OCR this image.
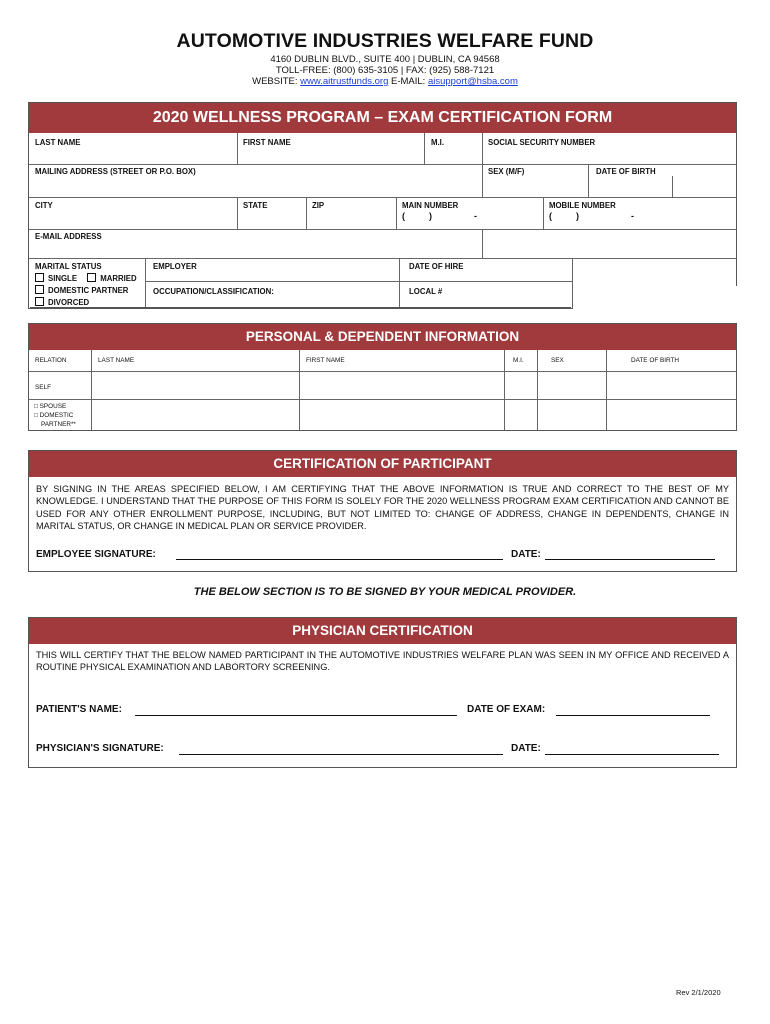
AUTOMOTIVE INDUSTRIES WELFARE FUND
4160 DUBLIN BLVD., SUITE 400 | DUBLIN, CA 94568
TOLL-FREE: (800) 635-3105 | FAX: (925) 588-7121
WEBSITE: www.aitrustfunds.org E-MAIL: aisupport@hsba.com
2020 WELLNESS PROGRAM – EXAM CERTIFICATION FORM
LAST NAME	FIRST NAME	M.I.	SOCIAL SECURITY NUMBER
MAILING ADDRESS (STREET OR P.O. BOX)	SEX (M/F)	DATE OF BIRTH
CITY	STATE	ZIP	MAIN NUMBER	MOBILE NUMBER
(	)	-	(	)	-
E-MAIL ADDRESS
MARITAL STATUS
SINGLE	MARRIED
DOMESTIC PARTNER
DIVORCED
EMPLOYER	DATE OF HIRE
OCCUPATION/CLASSIFICATION:	LOCAL #
PERSONAL & DEPENDENT INFORMATION
RELATION	LAST NAME	FIRST NAME	M.I.	SEX	DATE OF BIRTH
SELF
□ SPOUSE
□ DOMESTIC
PARTNER**
CERTIFICATION OF PARTICIPANT
BY SIGNING IN THE AREAS SPECIFIED BELOW, I AM CERTIFYING THAT THE ABOVE INFORMATION IS TRUE AND CORRECT TO THE BEST OF MY KNOWLEDGE. I UNDERSTAND THAT THE PURPOSE OF THIS FORM IS SOLELY FOR THE 2020 WELLNESS PROGRAM EXAM CERTIFICATION AND CANNOT BE USED FOR ANY OTHER ENROLLMENT PURPOSE, INCLUDING, BUT NOT LIMITED TO: CHANGE OF ADDRESS, CHANGE IN DEPENDENTS, CHANGE IN MARITAL STATUS, OR CHANGE IN MEDICAL PLAN OR SERVICE PROVIDER.
EMPLOYEE SIGNATURE:	DATE:
THE BELOW SECTION IS TO BE SIGNED BY YOUR MEDICAL PROVIDER.
PHYSICIAN CERTIFICATION
THIS WILL CERTIFY THAT THE BELOW NAMED PARTICIPANT IN THE AUTOMOTIVE INDUSTRIES WELFARE PLAN WAS SEEN IN MY OFFICE AND RECEIVED A ROUTINE PHYSICAL EXAMINATION AND LABORTORY SCREENING.
PATIENT'S NAME:	DATE OF EXAM:
PHYSICIAN'S SIGNATURE:	DATE:
Rev 2/1/2020
